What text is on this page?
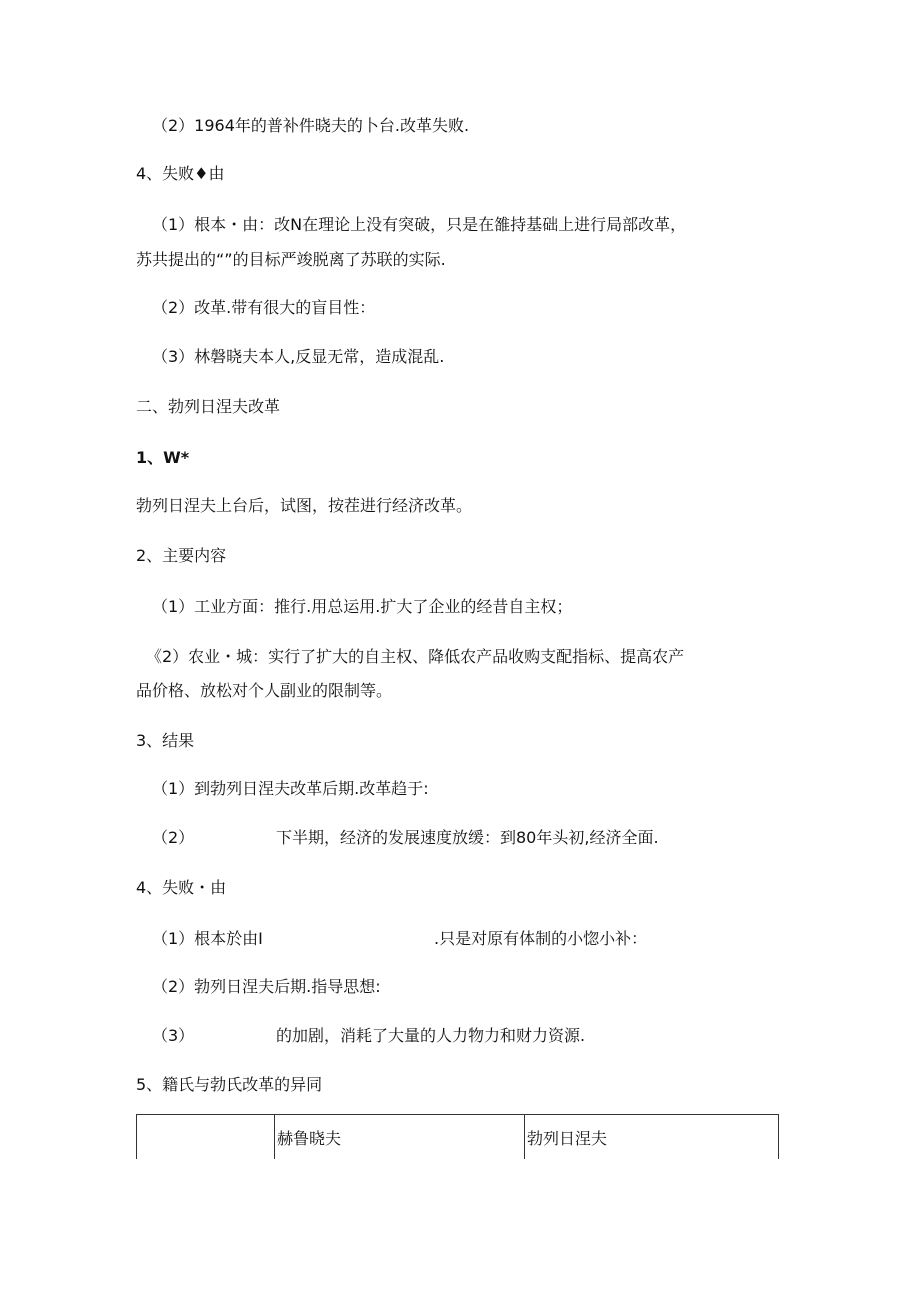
（2）1964年的普补件晓夫的卜台.改革失败.
4、失败♦由
（1）根本・由：改N在理论上没有突破，只是在雒持基础上进行局部改革，
苏共提出的“”的目标严竣脱离了苏联的实际.
（2）改革.带有很大的盲目性：
（3）林磐晓夫本人,反显无常，造成混乱.
二、勃列日涅夫改革
1、W*
勃列日涅夫上台后，试图，按茬进行经济改革。
2、主要内容
（1）工业方面：推行.用总运用.扩大了企业的经昔自主权；
《2）农业・城：实行了扩大的自主权、降低农产品收购支配指标、提高农产
品价格、放松对个人副业的限制等。
3、结果
（1）到勃列日涅夫改革后期.改革趋于:
（2）	下半期，经济的发展速度放缓：到80年头初,经济全面.
4、失败・由
（1）根本於由I	.只是对原有体制的小惚小补：
（2）勃列日涅夫后期.指导思想:
（3）	的加剧，消耗了大量的人力物力和财力资源.
5、籍氏与勃氏改革的异同
	赫鲁晓夫	勃列日涅夫
